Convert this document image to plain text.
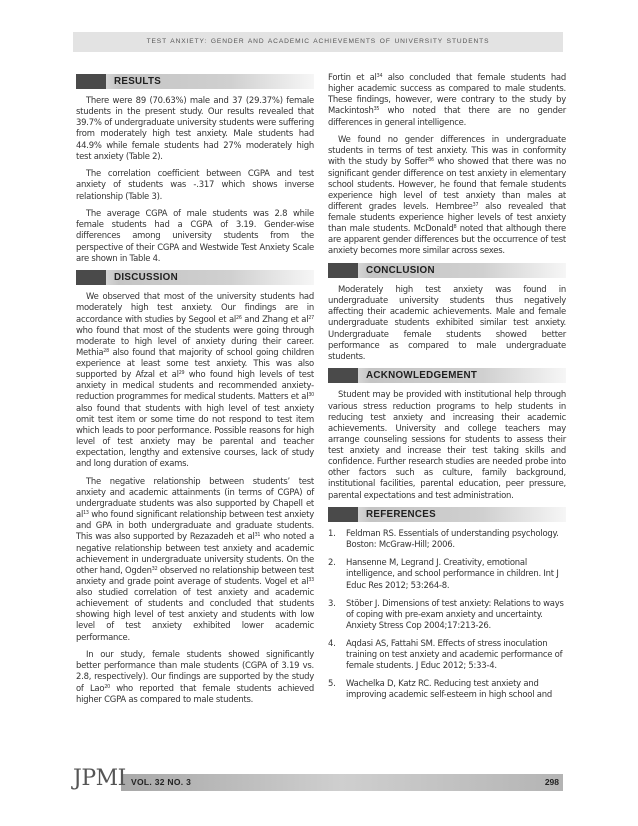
TEST ANXIETY: GENDER AND ACADEMIC ACHIEVEMENTS OF UNIVERSITY STUDENTS
RESULTS

There were 89 (70.63%) male and 37 (29.37%) female students in the present study. Our results revealed that 39.7% of undergraduate university students were suffering from moderately high test anxiety. Male students had 44.9% while female students had 27% moderately high test anxiety (Table 2).

The correlation coefficient between CGPA and test anxiety of students was -.317 which shows inverse relationship (Table 3).

The average CGPA of male students was 2.8 while female students had a CGPA of 3.19. Gender-wise differences among university students from the perspective of their CGPA and Westwide Test Anxiety Scale are shown in Table 4.

DISCUSSION

We observed that most of the university students had moderately high test anxiety. Our findings are in accordance with studies by Segool et $al^{26}$ and Zhang et $al^{27}$ who found that most of the students were going through moderate to high level of anxiety during their career. Methia$^{28}$ also found that majority of school going children experience at least some test anxiety. This was also supported by Afzal et $al^{29}$ who found high levels of test anxiety in medical students and recommended anxiety-reduction programmes for medical students. Matters et $al^{30}$ also found that students with high level of test anxiety omit test item or some time do not respond to test item which leads to poor performance. Possible reasons for high level of test anxiety may be parental and teacher expectation, lengthy and extensive courses, lack of study and long duration of exams.

The negative relationship between students’ test anxiety and academic attainments (in terms of CGPA) of undergraduate students was also supported by Chapell et $al^{13}$ who found significant relationship between test anxiety and GPA in both undergraduate and graduate students. This was also supported by Rezazadeh et $al^{31}$ who noted a negative relationship between test anxiety and academic achievement in undergraduate university students. On the other hand, Ogden$^{32}$ observed no relationship between test anxiety and grade point average of students. Vogel et $al^{33}$ also studied correlation of test anxiety and academic achievement of students and concluded that students showing high level of test anxiety and students with low level of test anxiety exhibited lower academic performance.

In our study, female students showed significantly better performance than male students (CGPA of 3.19 vs. 2.8, respectively). Our findings are supported by the study of Lao$^{20}$ who reported that female students achieved higher CGPA as compared to male students.

Fortin et $al^{34}$ also concluded that female students had higher academic success as compared to male students. These findings, however, were contrary to the study by Mackintosh$^{35}$ who noted that there are no gender differences in general intelligence.

We found no gender differences in undergraduate students in terms of test anxiety. This was in conformity with the study by Soffer$^{36}$ who showed that there was no significant gender difference on test anxiety in elementary school students. However, he found that female students experience high level of test anxiety than males at different grades levels. Hembree$^{37}$ also revealed that female students experience higher levels of test anxiety than male students. McDonald$^8$ noted that although there are apparent gender differences but the occurrence of test anxiety becomes more similar across sexes.

CONCLUSION

Moderately high test anxiety was found in undergraduate university students thus negatively affecting their academic achievements. Male and female undergraduate students exhibited similar test anxiety. Undergraduate female students showed better performance as compared to male undergraduate students.

ACKNOWLEDGEMENT

Student may be provided with institutional help through various stress reduction programs to help students in reducing test anxiety and increasing their academic achievements. University and college teachers may arrange counseling sessions for students to assess their test anxiety and increase their test taking skills and confidence. Further research studies are needed probe into other factors such as culture, family background, institutional facilities, parental education, peer pressure, parental expectations and test administration.

REFERENCES
1. Feldman RS. Essentials of understanding psychology. Boston: McGraw-Hill; 2006.
2. Hansenne M, Legrand J. Creativity, emotional intelligence, and school performance in children. Int J Educ Res 2012; 53:264-8.
3. Stöber J. Dimensions of test anxiety: Relations to ways of coping with pre-exam anxiety and uncertainty. Anxiety Stress Cop 2004;17:213-26.
4. Aqdasi AS, Fattahi SM. Effects of stress inoculation training on test anxiety and academic performance of female students. J Educ 2012; 5:33-4.
5. Wachelka D, Katz RC. Reducing test anxiety and improving academic self-esteem in high school and
JPMI VOL. 32 NO. 3	298
